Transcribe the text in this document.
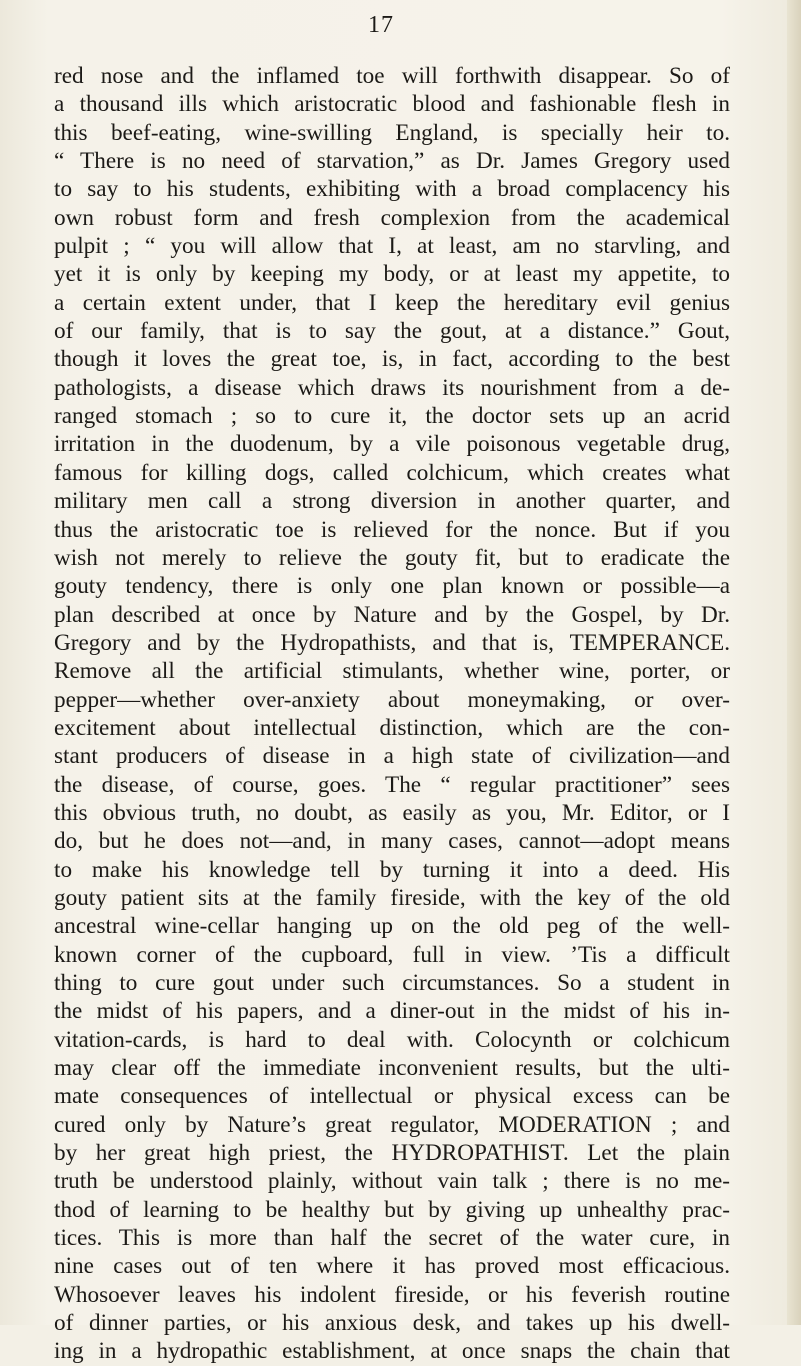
17
red nose and the inflamed toe will forthwith disappear. So of
a thousand ills which aristocratic blood and fashionable flesh in
this beef-eating, wine-swilling England, is specially heir to.
“ There is no need of starvation,” as Dr. James Gregory used
to say to his students, exhibiting with a broad complacency his
own robust form and fresh complexion from the academical
pulpit ; “ you will allow that I, at least, am no starvling, and
yet it is only by keeping my body, or at least my appetite, to
a certain extent under, that I keep the hereditary evil genius
of our family, that is to say the gout, at a distance.” Gout,
though it loves the great toe, is, in fact, according to the best
pathologists, a disease which draws its nourishment from a de-
ranged stomach ; so to cure it, the doctor sets up an acrid
irritation in the duodenum, by a vile poisonous vegetable drug,
famous for killing dogs, called colchicum, which creates what
military men call a strong diversion in another quarter, and
thus the aristocratic toe is relieved for the nonce. But if you
wish not merely to relieve the gouty fit, but to eradicate the
gouty tendency, there is only one plan known or possible—a
plan described at once by Nature and by the Gospel, by Dr.
Gregory and by the Hydropathists, and that is, TEMPERANCE.
Remove all the artificial stimulants, whether wine, porter, or
pepper—whether over-anxiety about moneymaking, or over-
excitement about intellectual distinction, which are the con-
stant producers of disease in a high state of civilization—and
the disease, of course, goes. The “ regular practitioner” sees
this obvious truth, no doubt, as easily as you, Mr. Editor, or I
do, but he does not—and, in many cases, cannot—adopt means
to make his knowledge tell by turning it into a deed. His
gouty patient sits at the family fireside, with the key of the old
ancestral wine-cellar hanging up on the old peg of the well-
known corner of the cupboard, full in view. ’Tis a difficult
thing to cure gout under such circumstances. So a student in
the midst of his papers, and a diner-out in the midst of his in-
vitation-cards, is hard to deal with. Colocynth or colchicum
may clear off the immediate inconvenient results, but the ulti-
mate consequences of intellectual or physical excess can be
cured only by Nature’s great regulator, MODERATION ; and
by her great high priest, the HYDROPATHIST. Let the plain
truth be understood plainly, without vain talk ; there is no me-
thod of learning to be healthy but by giving up unhealthy prac-
tices. This is more than half the secret of the water cure, in
nine cases out of ten where it has proved most efficacious.
Whosoever leaves his indolent fireside, or his feverish routine
of dinner parties, or his anxious desk, and takes up his dwell-
ing in a hydropathic establishment, at once snaps the chain that
